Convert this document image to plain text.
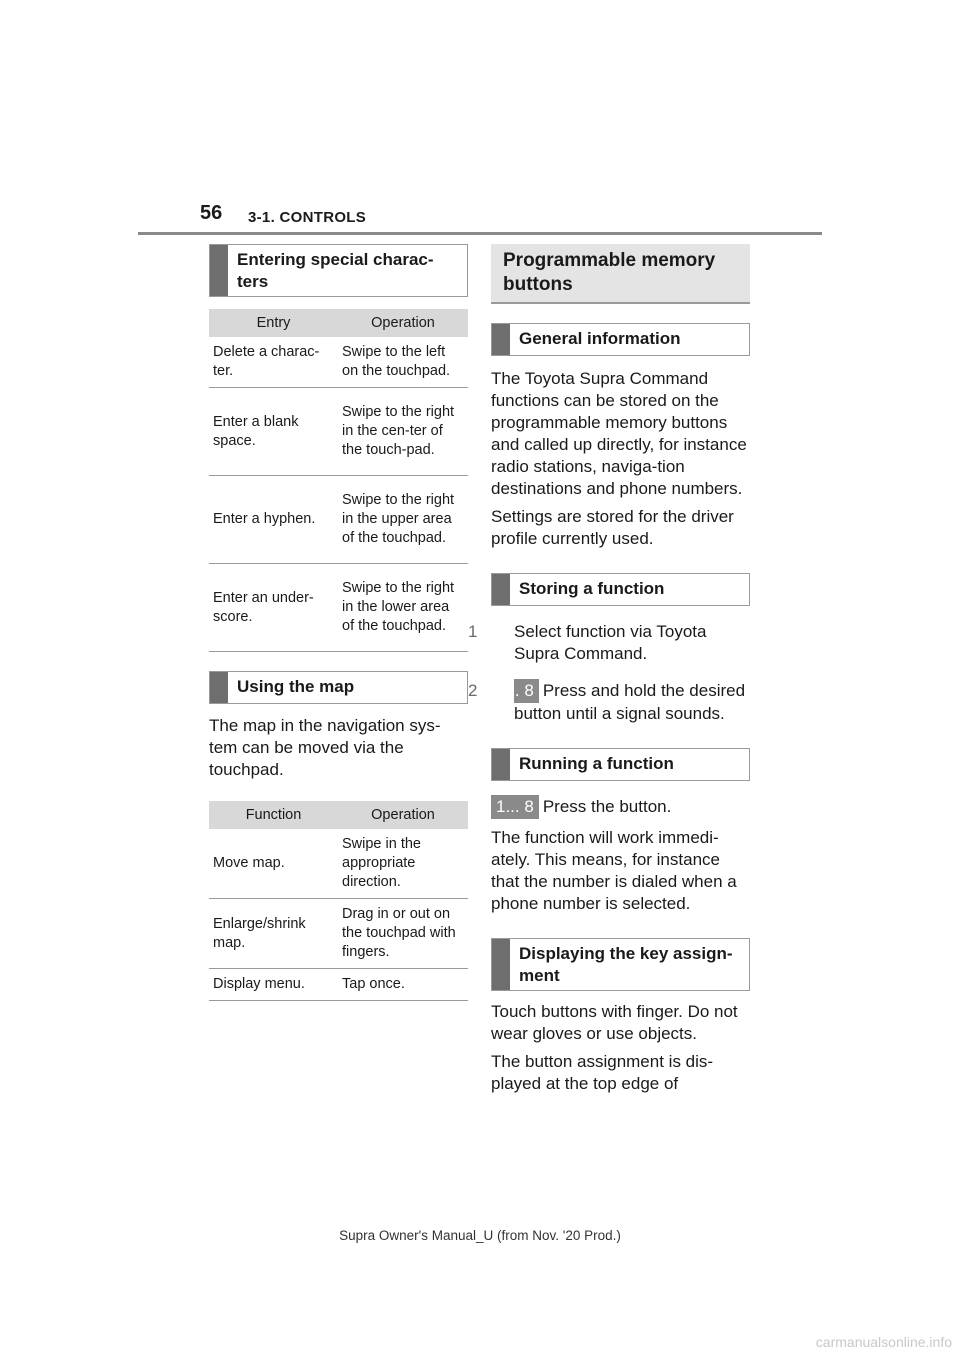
56 3-1. CONTROLS
Entering special charac-ters
Entry	Operation
Delete a charac-ter.	Swipe to the left on the touchpad.
Enter a blank space.	Swipe to the right in the cen-ter of the touch-pad.
Enter a hyphen.	Swipe to the right in the upper area of the touchpad.
Enter an under-score.	Swipe to the right in the lower area of the touchpad.
Using the map

The map in the navigation sys-tem can be moved via the touchpad.

Function	Operation
Move map.	Swipe in the appropriate direction.
Enlarge/shrink map.	Drag in or out on the touchpad with fingers.
Display menu.	Tap once.
Programmable memory buttons
General information

The Toyota Supra Command functions can be stored on the programmable memory buttons and called up directly, for instance radio stations, naviga-tion destinations and phone numbers.

Settings are stored for the driver profile currently used.

Storing a function

1 Select function via Toyota Supra Command.

2 1... 8 Press and hold the desired button until a signal sounds.

Running a function

1... 8 Press the button.

The function will work immedi-ately. This means, for instance that the number is dialed when a phone number is selected.

Displaying the key assign-ment

Touch buttons with finger. Do not wear gloves or use objects.

The button assignment is dis-played at the top edge of

Supra Owner's Manual_U (from Nov. '20 Prod.)
carmanualsonline.info
